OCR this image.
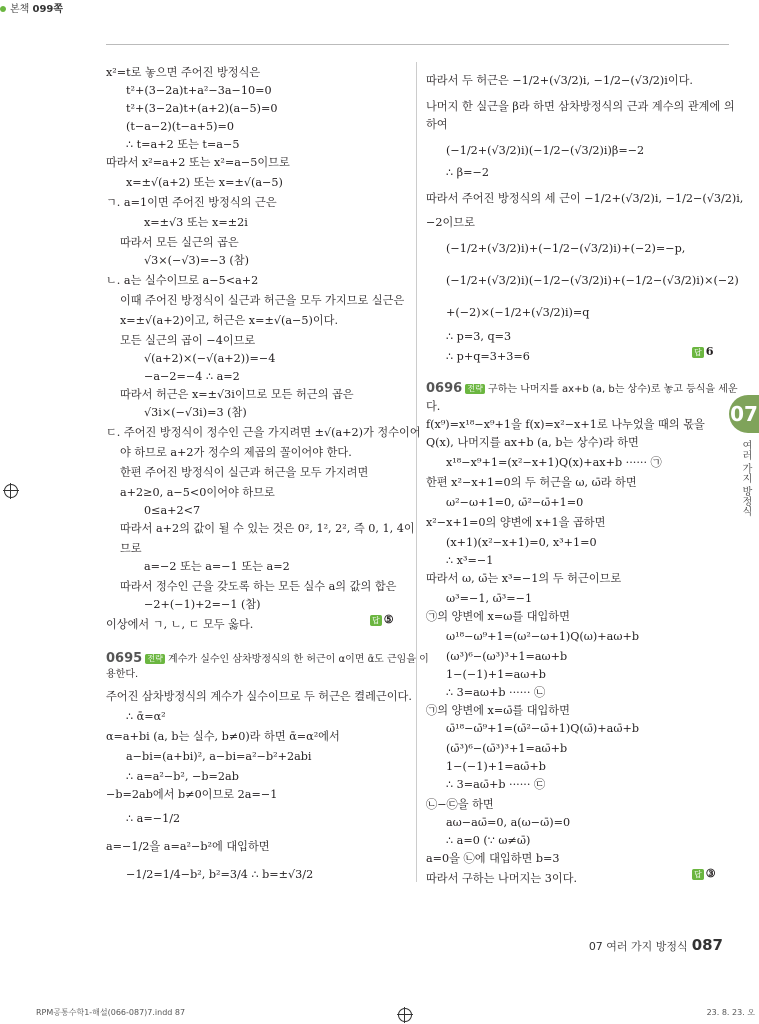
본책 099쪽
x²=t로 놓으면 주어진 방정식은
t²+(3−2a)t+a²−3a−10=0
t²+(3−2a)t+(a+2)(a−5)=0
(t−a−2)(t−a+5)=0
∴ t=a+2 또는 t=a−5
따라서 x²=a+2 또는 x²=a−5이므로
x=±√(a+2) 또는 x=±√(a−5)
ㄱ. a=1이면 주어진 방정식의 근은
x=±√3 또는 x=±2i
따라서 모든 실근의 곱은
√3×(−√3)=−3 (참)
ㄴ. a는 실수이므로 a−5<a+2
이때 주어진 방정식이 실근과 허근을 모두 가지므로 실근은
x=±√(a+2)이고, 허근은 x=±√(a−5)이다.
모든 실근의 곱이 −4이므로
√(a+2)×(−√(a+2))=−4
−a−2=−4 ∴ a=2
따라서 허근은 x=±√3i이므로 모든 허근의 곱은
√3i×(−√3i)=3 (참)
ㄷ. 주어진 방정식이 정수인 근을 가지려면 ±√(a+2)가 정수이어
야 하므로 a+2가 정수의 제곱의 꼴이어야 한다.
한편 주어진 방정식이 실근과 허근을 모두 가지려면
a+2≥0, a−5<0이어야 하므로
0≤a+2<7
따라서 a+2의 값이 될 수 있는 것은 0², 1², 2², 즉 0, 1, 4이
므로
a=−2 또는 a=−1 또는 a=2
따라서 정수인 근을 갖도록 하는 모든 실수 a의 값의 합은
−2+(−1)+2=−1 (참)
이상에서 ㄱ, ㄴ, ㄷ 모두 옳다.
주어진 삼차방정식의 계수가 실수이므로 두 허근은 켤레근이다.
∴ ᾱ=α²
α=a+bi (a, b는 실수, b≠0)라 하면 ᾱ=α²에서
a−bi=(a+bi)², a−bi=a²−b²+2abi
∴ a=a²−b², −b=2ab
−b=2ab에서 b≠0이므로 2a=−1
∴ a=−1/2
a=−1/2을 a=a²−b²에 대입하면
−1/2=1/4−b², b²=3/4 ∴ b=±√3/2
따라서 두 허근은 −1/2+(√3/2)i, −1/2−(√3/2)i이다.
나머지 한 실근을 β라 하면 삼차방정식의 근과 계수의 관계에 의
하여
(−1/2+(√3/2)i)(−1/2−(√3/2)i)β=−2
∴ β=−2
따라서 주어진 방정식의 세 근이 −1/2+(√3/2)i, −1/2−(√3/2)i,
−2이므로
(−1/2+(√3/2)i)+(−1/2−(√3/2)i)+(−2)=−p,
(−1/2+(√3/2)i)(−1/2−(√3/2)i)+(−1/2−(√3/2)i)×(−2)
+(−2)×(−1/2+(√3/2)i)=q
∴ p=3, q=3
∴ p+q=3+3=6
다.
f(x⁹)=x¹⁸−x⁹+1을 f(x)=x²−x+1로 나누었을 때의 몫을
Q(x), 나머지를 ax+b (a, b는 상수)라 하면
x¹⁸−x⁹+1=(x²−x+1)Q(x)+ax+b ······ ㉠
한편 x²−x+1=0의 두 허근을 ω, ω̄라 하면
ω²−ω+1=0, ω̄²−ω̄+1=0
x²−x+1=0의 양변에 x+1을 곱하면
(x+1)(x²−x+1)=0, x³+1=0
∴ x³=−1
따라서 ω, ω̄는 x³=−1의 두 허근이므로
ω³=−1, ω̄³=−1
㉠의 양변에 x=ω를 대입하면
ω¹⁸−ω⁹+1=(ω²−ω+1)Q(ω)+aω+b
(ω³)⁶−(ω³)³+1=aω+b
1−(−1)+1=aω+b
∴ 3=aω+b ······ ㉡
㉠의 양변에 x=ω̄를 대입하면
ω̄¹⁸−ω̄⁹+1=(ω̄²−ω̄+1)Q(ω̄)+aω̄+b
(ω̄³)⁶−(ω̄³)³+1=aω̄+b
1−(−1)+1=aω̄+b
∴ 3=aω̄+b ······ ㉢
㉡−㉢을 하면
aω−aω̄=0, a(ω−ω̄)=0
∴ a=0 (∵ ω≠ω̄)
a=0을 ㉡에 대입하면 b=3
따라서 구하는 나머지는 3이다.
답 ⑤
답 6
답 ③
0695 전략 계수가 실수인 삼차방정식의 한 허근이 α이면 ᾱ도 근임을 이
용한다.
0696 전략 구하는 나머지를 ax+b (a, b는 상수)로 놓고 등식을 세운
07
여러 가지 방정식
07 여러 가지 방정식 087
RPM공통수학1-해설(066-087)7.indd 87	23. 8. 23. 오
